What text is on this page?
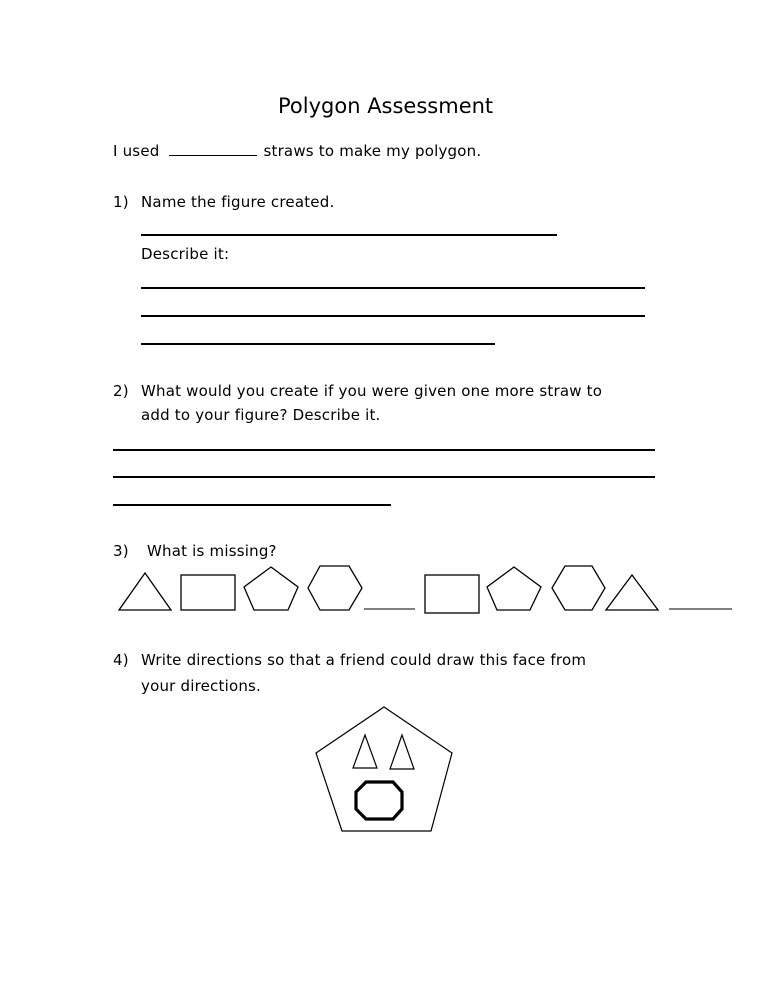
Polygon Assessment
I used	straws to make my polygon.
1) Name the figure created.
Describe it:
2) What would you create if you were given one more straw to
add to your figure? Describe it.
3) What is missing?
4) Write directions so that a friend could draw this face from
your directions.
